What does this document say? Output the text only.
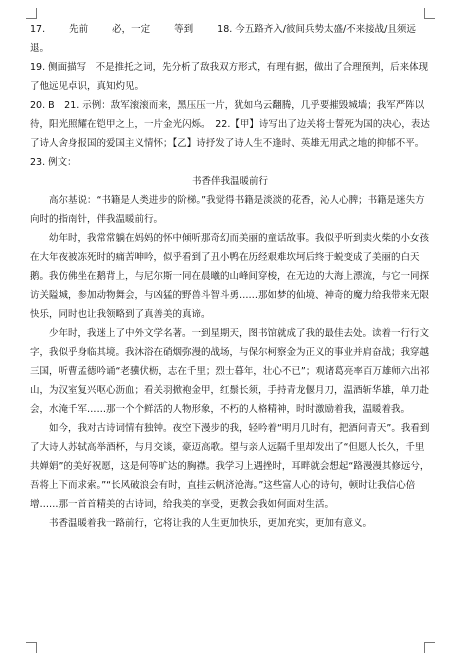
17.	先前	必，一定	等到	18. 今五路齐入/彼间兵势太盛/不来接战/且须远退。

19. 侧面描写　不是推托之词，先分析了敌我双方形式，有理有据，做出了合理预判，后来体现了他远见卓识，真知灼见。

20. B　21. 示例：敌军滚滚而来，黑压压一片，犹如乌云翻腾，几乎要摧毁城墙；我军严阵以待，阳光照耀在铠甲之上，一片金光闪烁。　22.【甲】诗写出了边关将士誓死为国的决心，表达了诗人舍身报国的爱国主义情怀；【乙】诗抒发了诗人生不逢时、英雄无用武之地的抑郁不平。

23. 例文：

书香伴我温暖前行

高尔基说：“书籍是人类进步的阶梯。”我觉得书籍是淡淡的花香，沁人心脾；书籍是迷失方向时的指南针，伴我温暖前行。

幼年时，我常常躺在妈妈的怀中倾听那奇幻而美丽的童话故事。我似乎听到卖火柴的小女孩在大年夜被冻死时的痛苦呻吟，似乎看到了丑小鸭在历经艰难坎坷后终于蜕变成了美丽的白天鹅。我仿佛坐在鹅背上，与尼尔斯一同在晨曦的山峰间穿梭，在无边的大海上漂流，与它一同探访关隘城，参加动物舞会，与凶猛的野兽斗智斗勇……那如梦的仙境、神奇的魔力给我带来无限快乐，同时也让我领略到了真善美的真谛。

少年时，我迷上了中外文学名著。一到星期天，图书馆就成了我的最佳去处。读着一行行文字，我似乎身临其境。我沐浴在硝烟弥漫的战场，与保尔柯察金为正义的事业并肩奋战；我穿越三国，听曹孟德吟诵“老骥伏枥，志在千里；烈士暮年，壮心不已”；观诸葛亮率百万雄师六出祁山，为汉室复兴呕心沥血；看关羽掀袍金甲，红鬃长须，手持青龙偃月刀，温酒斩华雄，单刀赴会，水淹千军……那一个个鲜活的人物形象，不朽的人格精神，时时激励着我，温暖着我。

如今，我对古诗词情有独钟。夜空下漫步的我，轻吟着“明月几时有，把酒问青天”。我看到了大诗人苏轼高举酒杯，与月交谈，豪迈高歌。望与亲人远隔千里却发出了“但愿人长久，千里共婵娟”的美好祝愿，这是何等旷达的胸襟。我学习上遇挫时，耳畔就会想起“路漫漫其修远兮，吾将上下而求索。”“长风破浪会有时，直挂云帆济沧海。”这些富人心的诗句，顿时让我信心倍增……那一首首精美的古诗词，给我美的享受，更教会我如何面对生活。

书香温暖着我一路前行，它将让我的人生更加快乐，更加充实，更加有意义。
